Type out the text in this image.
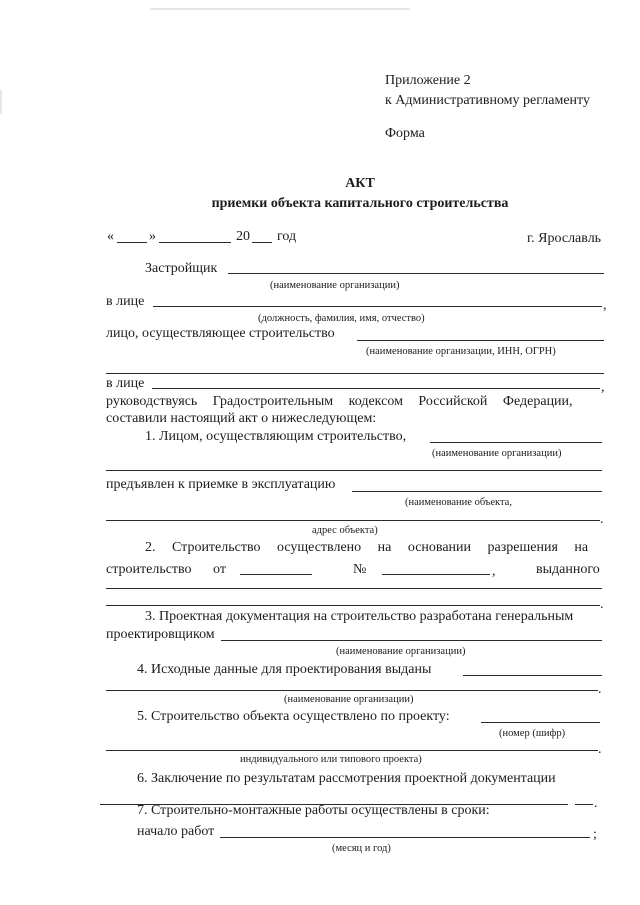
Приложение 2
к Административному регламенту
Форма
АКТ
приемки объекта капитального строительства
«	»	20 год	г. Ярославль
Застройщик
(наименование организации)
в лице	,
(должность, фамилия, имя, отчество)
лицо, осуществляющее строительство
(наименование организации, ИНН, ОГРН)
в лице	,
руководствуясь Градостроительным кодексом Российской Федерации,
составили настоящий акт о нижеследующем:
1. Лицом, осуществляющим строительство,
(наименование организации)
предъявлен к приемке в эксплуатацию
(наименование объекта,
.
адрес объекта)
2. Строительство осуществлено на основании разрешения на
строительство от	№	,	выданного
.
3. Проектная документация на строительство разработана генеральным
проектировщиком
(наименование организации)
4. Исходные данные для проектирования выданы
.
(наименование организации)
5. Строительство объекта осуществлено по проекту:
(номер (шифр)
.
индивидуального или типового проекта)
6. Заключение по результатам рассмотрения проектной документации
.
7. Строительно-монтажные работы осуществлены в сроки:
начало работ	;
(месяц и год)
